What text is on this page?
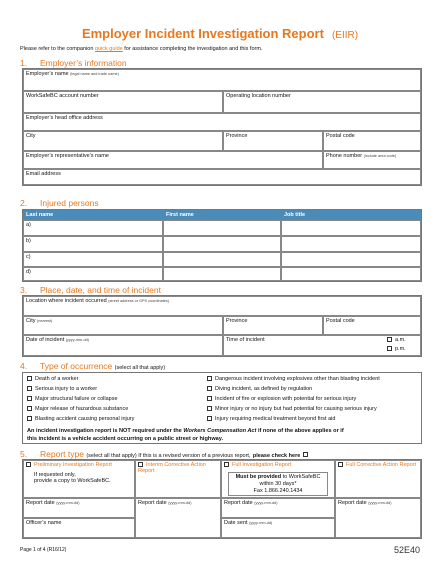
Employer Incident Investigation Report (EIIR)
Please refer to the companion quick guide for assistance completing the investigation and this form.
1. Employer’s information
Employer’s name (legal name and trade name)
WorkSafeBC account number	Operating location number
Employer’s head office address
City	Province	Postal code
Employer’s representative’s name	Phone number (include area code)
Email address
2. Injured persons
Last name	First name	Job title
a)
b)
c)
d)
3. Place, date, and time of incident
Location where incident occurred (street address or GPS coordinates)
City (nearest)	Province	Postal code
Date of incident (yyyy-mm-dd)	Time of incident	a.m.
p.m.
4. Type of occurrence (select all that apply)
Death of a worker
Serious injury to a worker
Major structural failure or collapse
Major release of hazardous substance
Blasting accident causing personal injury
Dangerous incident involving explosives other than blasting incident
Diving incident, as defined by regulation
Incident of fire or explosion with potential for serious injury
Minor injury or no injury but had potential for causing serious injury
Injury requiring medical treatment beyond first aid
An incident investigation report is NOT required under the Workers Compensation Act if none of the above applies or if
this incident is a vehicle accident occurring on a public street or highway.
5. Report type (select all that apply) If this is a revised version of a previous report, please check here
Preliminary Investigation Report
If requested only,
provide a copy to WorkSafeBC.
Report date (yyyy-mm-dd)
Officer’s name
Interim Corrective Action Report
Report date (yyyy-mm-dd)
Full Investigation Report
Must be provided to WorkSafeBC
within 30 days*
Fax 1.866.240.1434
Report date (yyyy-mm-dd)
Date sent (yyyy-mm-dd)
Full Corrective Action Report
Report date (yyyy-mm-dd)
Page 1 of 4 (R16/12)	52E40
